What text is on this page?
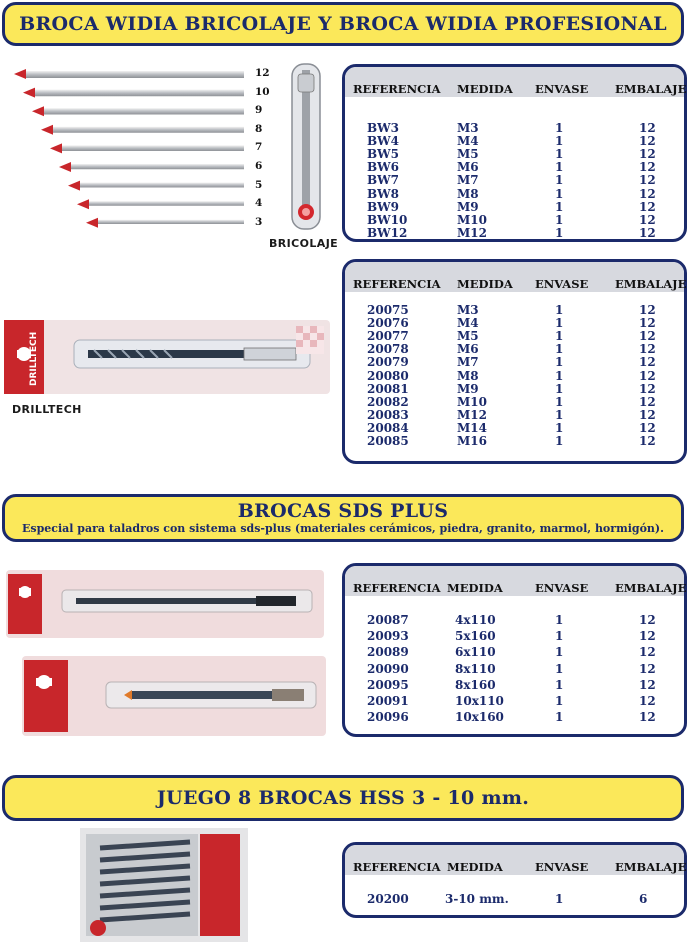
BROCA WIDIA BRICOLAJE Y BROCA WIDIA PROFESIONAL
12
10
9
8
7
6
5
4
3
BRICOLAJE
REFERENCIA MEDIDA ENVASE EMBALAJE
BW3	M3	1	12
BW4	M4	1	12
BW5	M5	1	12
BW6	M6	1	12
BW7	M7	1	12
BW8	M8	1	12
BW9	M9	1	12
BW10	M10	1	12
BW12	M12	1	12
DRILLTECH
DRILLTECH
REFERENCIA MEDIDA ENVASE EMBALAJE
20075	M3	1	12
20076	M4	1	12
20077	M5	1	12
20078	M6	1	12
20079	M7	1	12
20080	M8	1	12
20081	M9	1	12
20082	M10	1	12
20083	M12	1	12
20084	M14	1	12
20085	M16	1	12
BROCAS SDS PLUS
Especial para taladros con sistema sds-plus (materiales cerámicos, piedra, granito, marmol, hormigón).
REFERENCIA MEDIDA	ENVASE EMBALAJE
20087	4x110	1	12
20093	5x160	1	12
20089	6x110	1	12
20090	8x110	1	12
20095	8x160	1	12
20091	10x110	1	12
20096	10x160	1	12
JUEGO 8 BROCAS HSS 3 - 10 mm.
REFERENCIA MEDIDA	ENVASE EMBALAJE
20200	3-10 mm.	1	6
